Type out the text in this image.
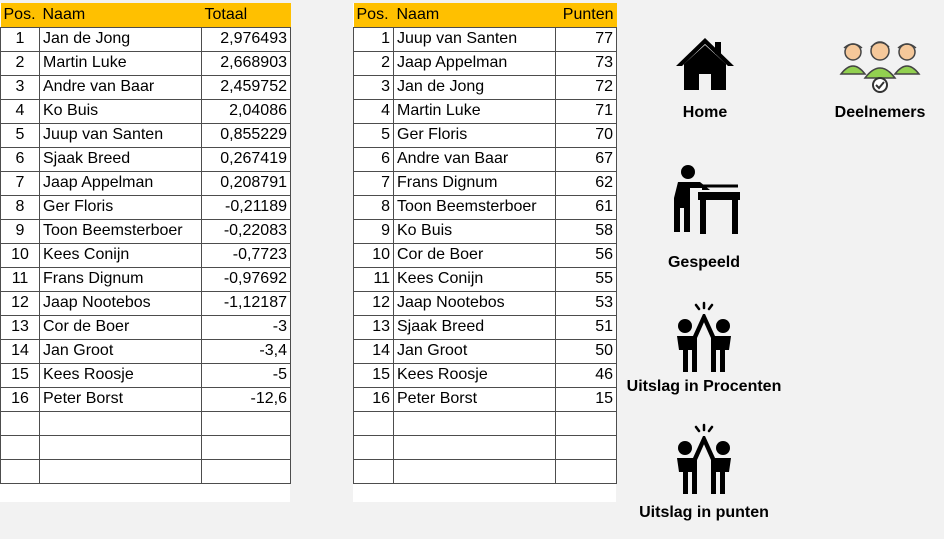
Pos.	Naam	Totaal
1	Jan de Jong	2,976493
2	Martin Luke	2,668903
3	Andre van Baar	2,459752
4	Ko Buis	2,04086
5	Juup van Santen	0,855229
6	Sjaak Breed	0,267419
7	Jaap Appelman	0,208791
8	Ger Floris	-0,21189
9	Toon Beemsterboer	-0,22083
10	Kees Conijn	-0,7723
11	Frans Dignum	-0,97692
12	Jaap Nootebos	-1,12187
13	Cor de Boer	-3
14	Jan Groot	-3,4
15	Kees Roosje	-5
16	Peter Borst	-12,6

Pos.	Naam	Punten
1	Juup van Santen	77
2	Jaap Appelman	73
3	Jan de Jong	72
4	Martin Luke	71
5	Ger Floris	70
6	Andre van Baar	67
7	Frans Dignum	62
8	Toon Beemsterboer	61
9	Ko Buis	58
10	Cor de Boer	56
11	Kees Conijn	55
12	Jaap Nootebos	53
13	Sjaak Breed	51
14	Jan Groot	50
15	Kees Roosje	46
16	Peter Borst	15

Home	Deelnemers
Gespeeld
Uitslag in Procenten
Uitslag in punten
